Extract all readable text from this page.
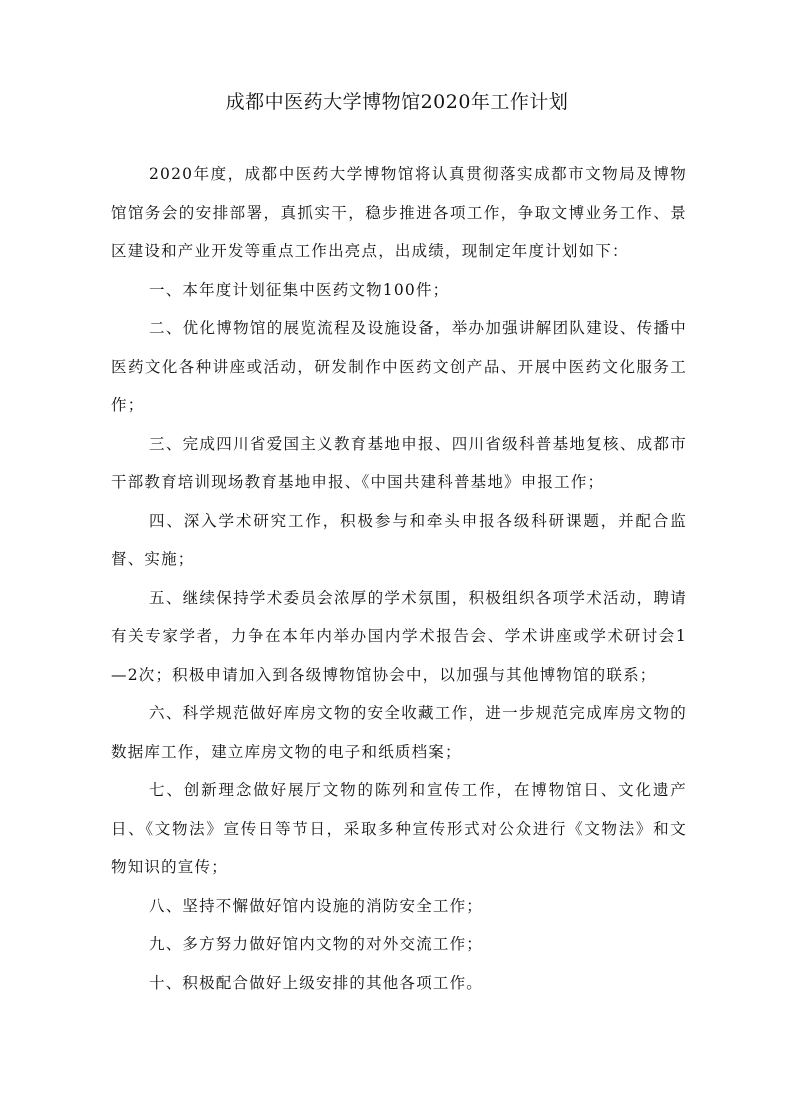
成都中医药大学博物馆2020年工作计划

2020年度，成都中医药大学博物馆将认真贯彻落实成都市文物局及博物馆馆务会的安排部署，真抓实干，稳步推进各项工作，争取文博业务工作、景区建设和产业开发等重点工作出亮点，出成绩，现制定年度计划如下：

一、本年度计划征集中医药文物100件；

二、优化博物馆的展览流程及设施设备，举办加强讲解团队建设、传播中医药文化各种讲座或活动，研发制作中医药文创产品、开展中医药文化服务工作；

三、完成四川省爱国主义教育基地申报、四川省级科普基地复核、成都市干部教育培训现场教育基地申报、《中国共建科普基地》申报工作；

四、深入学术研究工作，积极参与和牵头申报各级科研课题，并配合监督、实施；

五、继续保持学术委员会浓厚的学术氛围，积极组织各项学术活动，聘请有关专家学者，力争在本年内举办国内学术报告会、学术讲座或学术研讨会1—2次；积极申请加入到各级博物馆协会中，以加强与其他博物馆的联系；

六、科学规范做好库房文物的安全收藏工作，进一步规范完成库房文物的数据库工作，建立库房文物的电子和纸质档案；

七、创新理念做好展厅文物的陈列和宣传工作，在博物馆日、文化遗产日、《文物法》宣传日等节日，采取多种宣传形式对公众进行《文物法》和文物知识的宣传；

八、坚持不懈做好馆内设施的消防安全工作；

九、多方努力做好馆内文物的对外交流工作；

十、积极配合做好上级安排的其他各项工作。
